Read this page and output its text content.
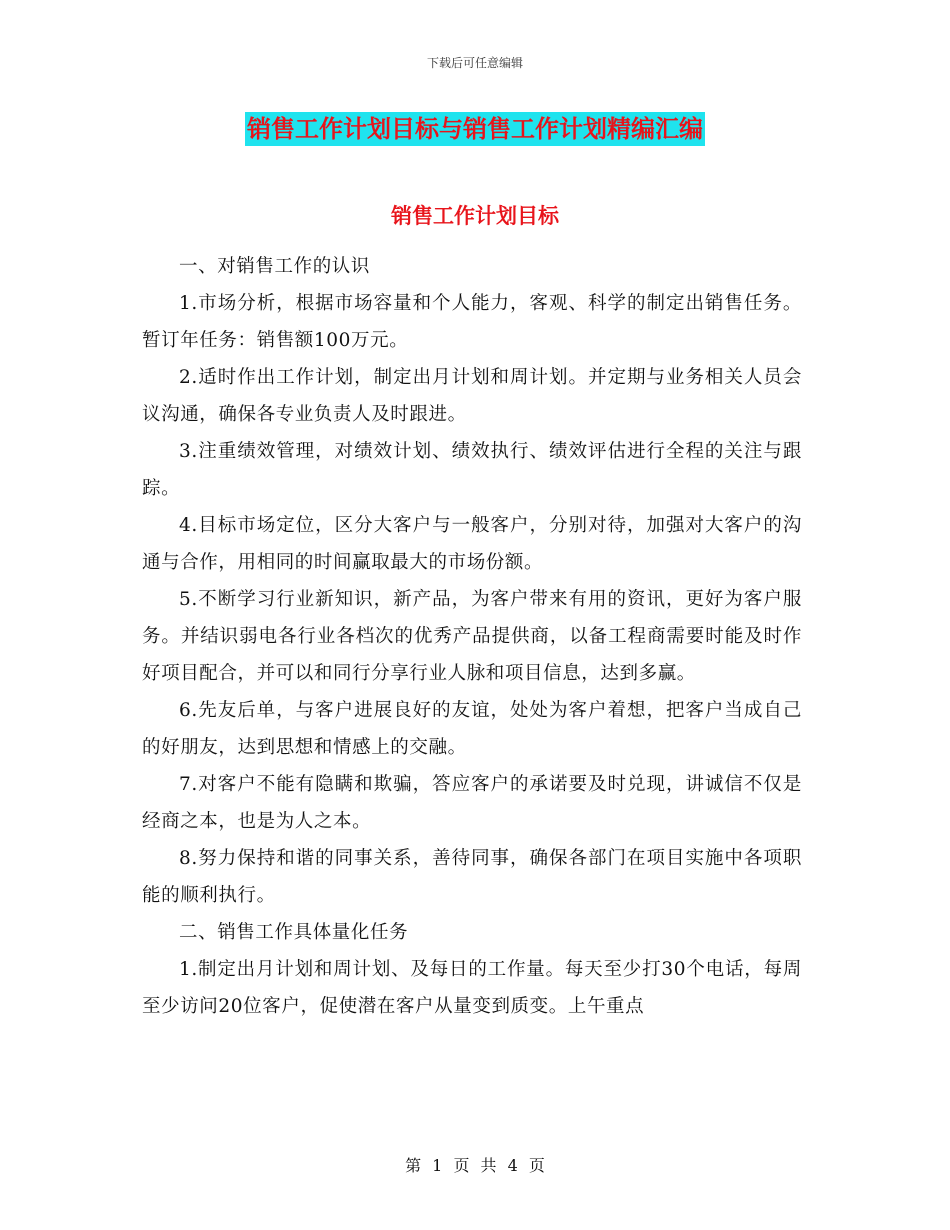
下载后可任意编辑
销售工作计划目标与销售工作计划精编汇编
销售工作计划目标

一、对销售工作的认识

1.市场分析，根据市场容量和个人能力，客观、科学的制定出销售任务。暂订年任务：销售额100万元。

2.适时作出工作计划，制定出月计划和周计划。并定期与业务相关人员会议沟通，确保各专业负责人及时跟进。

3.注重绩效管理，对绩效计划、绩效执行、绩效评估进行全程的关注与跟踪。

4.目标市场定位，区分大客户与一般客户，分别对待，加强对大客户的沟通与合作，用相同的时间赢取最大的市场份额。

5.不断学习行业新知识，新产品，为客户带来有用的资讯，更好为客户服务。并结识弱电各行业各档次的优秀产品提供商，以备工程商需要时能及时作好项目配合，并可以和同行分享行业人脉和项目信息，达到多赢。

6.先友后单，与客户进展良好的友谊，处处为客户着想，把客户当成自己的好朋友，达到思想和情感上的交融。

7.对客户不能有隐瞒和欺骗，答应客户的承诺要及时兑现，讲诚信不仅是经商之本，也是为人之本。

8.努力保持和谐的同事关系，善待同事，确保各部门在项目实施中各项职能的顺利执行。

二、销售工作具体量化任务

1.制定出月计划和周计划、及每日的工作量。每天至少打30个电话，每周至少访问20位客户，促使潜在客户从量变到质变。上午重点

第 1 页 共 4 页
